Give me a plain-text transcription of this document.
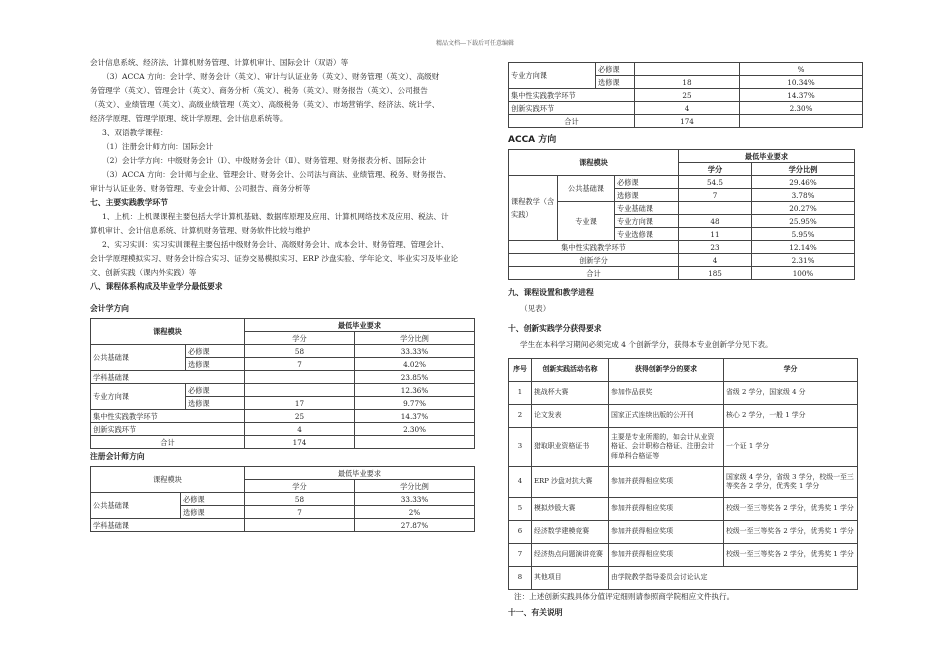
精品文档---下载后可任意编辑

会计信息系统、经济法、计算机财务管理、计算机审计、国际会计（双语）等

（3）ACCA 方向：会计学、财务会计（英文）、审计与认证业务（英文）、财务管理（英文）、高级财

务管理学（英文）、管理会计（英文）、商务分析（英文）、税务（英文）、财务报告（英文）、公司报告

（英文）、业绩管理（英文）、高级业绩管理（英文）、高级税务（英文）、市场营销学、经济法、统计学、

经济学原理、管理学原理、统计学原理、会计信息系统等。

3、双语教学课程：

（1）注册会计师方向：国际会计

（2）会计学方向：中级财务会计（Ⅰ）、中级财务会计（Ⅱ）、财务管理、财务报表分析、国际会计

（3）ACCA 方向：会计师与企业、管理会计、财务会计、公司法与商法、业绩管理、税务、财务报告、

审计与认证业务、财务管理、专业会计师、公司报告、商务分析等

七、主要实践教学环节

1、上机：上机课课程主要包括大学计算机基础、数据库原理及应用、计算机网络技术及应用、税法、计

算机审计、会计信息系统、计算机财务管理、财务软件比较与维护

2、实习实训：实习实训课程主要包括中级财务会计、高级财务会计、成本会计、财务管理、管理会计、

会计学原理模拟实习、财务会计综合实习、证券交易模拟实习、ERP 沙盘实验、学年论文、毕业实习及毕业论

文、创新实践（课内外实践）等

八、课程体系构成及毕业学分最低要求

会计学方向

课程模块		最低毕业要求	
		学分	学分比例
公共基础课	必修课	58	33.33%
	选修课	7	4.02%
学科基础课			23.85%
专业方向课	必修课		12.36%
	选修课	17	9.77%
集中性实践教学环节		25	14.37%
创新实践环节		4	2.30%
合计		174	

注册会计师方向

课程模块		最低毕业要求	
		学分	学分比例
公共基础课	必修课	58	33.33%
	选修课	7	2%
学科基础课			27.87%
专业方向课	必修课		%
	选修课	18	10.34%
集中性实践教学环节		25	14.37%
创新实践环节		4	2.30%
合计		174	

ACCA 方向

课程模块			最低毕业要求	
			学分	学分比例
课程教学（含实践）	公共基础课	必修课	54.5	29.46%
		选修课	7	3.78%
	专业课	专业基础课		20.27%
		专业方向课	48	25.95%
		专业选修课	11	5.95%
集中性实践教学环节			23	12.14%
创新学分			4	2.31%
合计			185	100%

九、课程设置和教学进程

（见表）

十、创新实践学分获得要求

学生在本科学习期间必须完成 4 个创新学分，获得本专业创新学分见下表。

序号	创新实践活动名称	获得创新学分的要求	学分
1	挑战杯大赛	参加作品获奖	省级 2 学分，国家级 4 分
2	论文发表	国家正式连续出版的公开刊	核心 2 学分，一般 1 学分
3	猎取职业资格证书	主要是专业所需的，如会计从业资格证、会计职称合格证、注册会计师单科合格证等	一个证 1 学分
4	ERP 沙盘对抗大赛	参加并获得相应奖项	国家级 4 学分，省级 3 学分，校级一至三等奖各 2 学分，优秀奖 1 学分
5	模拟炒股大赛	参加并获得相应奖项	校级一至三等奖各 2 学分，优秀奖 1 学分
6	经济数学建模竞赛	参加并获得相应奖项	校级一至三等奖各 2 学分，优秀奖 1 学分
7	经济热点问题演讲竞赛	参加并获得相应奖项	校级一至三等奖各 2 学分，优秀奖 1 学分
8	其他项目	由学院教学指导委员会讨论认定	

注：上述创新实践具体分值评定细则请参照商学院相应文件执行。

十一、有关说明
